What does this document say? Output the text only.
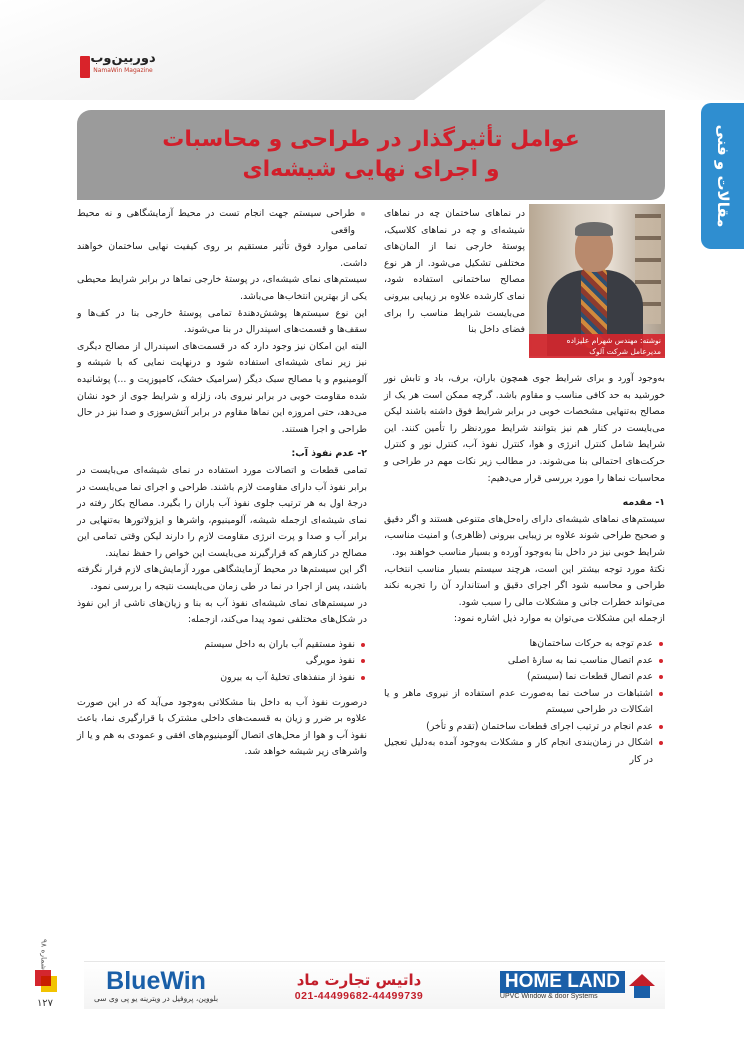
دوربین‌وب‌
NamaWin Magazine
مقالات و فنی
عوامل تأثیرگذار در طراحی و محاسبات
و اجرای نهایی شیشه‌ای
نوشته: مهندس شهرام علیزاده
مدیرعامل شرکت آلوک

در نماهای ساختمان چه در نماهای شیشه‌ای و چه در نماهای کلاسیک، پوستهٔ خارجی نما از المان‌های مختلفی تشکیل می‌شود. از هر نوع مصالح ساختمانی استفاده شود، نمای کارشده علاوه بر زیبایی بیرونی می‌بایست شرایط مناسب را برای فضای داخل بنا

به‌وجود آورد و برای شرایط جوی همچون باران، برف، باد و تابش نور خورشید به حد کافی مناسب و مقاوم باشد. گرچه ممکن است هر یک از مصالح به‌تنهایی مشخصات خوبی در برابر شرایط فوق داشته باشند لیکن می‌بایست در کنار هم نیز بتوانند شرایط موردنظر را تأمین کنند. این شرایط شامل کنترل انرژی و هوا، کنترل نفوذ آب، کنترل نور و کنترل حرکت‌های احتمالی بنا می‌شوند. در مطالب زیر نکات مهم در طراحی و محاسبات نماها را مورد بررسی قرار می‌دهیم:

۱- مقدمه

سیستم‌های نماهای شیشه‌ای دارای راه‌حل‌های متنوعی هستند و اگر دقیق و صحیح طراحی شوند علاوه بر زیبایی بیرونی (ظاهری) و امنیت مناسب، شرایط خوبی نیز در داخل بنا به‌وجود آورده و بسیار مناسب خواهند بود.

نکتهٔ مورد توجه بیشتر این است، هرچند سیستم بسیار مناسب انتخاب، طراحی و محاسبه شود اگر اجرای دقیق و استاندارد آن را تجربه نکند می‌تواند خطرات جانی و مشکلات مالی را سبب شود.

ازجمله این مشکلات می‌توان به موارد ذیل اشاره نمود:

عدم توجه به حرکات ساختمان‌ها
عدم اتصال مناسب نما به سازهٔ اصلی
عدم اتصال قطعات نما (سیستم)
اشتباهات در ساخت نما به‌صورت عدم استفاده از نیروی ماهر و یا اشکالات در طراحی سیستم
عدم انجام در ترتیب اجرای قطعات ساختمان (تقدم و تأخر)
اشکال در زمان‌بندی انجام کار و مشکلات به‌وجود آمده به‌دلیل تعجیل در کار
طراحی سیستم جهت انجام تست در محیط آزمایشگاهی و نه محیط واقعی

تمامی موارد فوق تأثیر مستقیم بر روی کیفیت نهایی ساختمان خواهند داشت.

سیستم‌های نمای شیشه‌ای، در پوستهٔ خارجی نماها در برابر شرایط محیطی یکی از بهترین انتخاب‌ها می‌باشد.

این نوع سیستم‌ها پوشش‌دهندهٔ تمامی پوستهٔ خارجی بنا در کف‌ها و سقف‌ها و قسمت‌های اسپندرال در بنا می‌شوند.

البته این امکان نیز وجود دارد که در قسمت‌های اسپندرال از مصالح دیگری نیز زیر نمای شیشه‌ای استفاده شود و درنهایت نمایی که با شیشه و آلومینیوم و یا مصالح سبک دیگر (سرامیک خشک، کامپوزیت و ...) پوشانیده شده مقاومت خوبی در برابر نیروی باد، زلزله و شرایط جوی از خود نشان می‌دهد، حتی امروزه این نماها مقاوم در برابر آتش‌سوزی و صدا نیز در حال طراحی و اجرا هستند.

۲- عدم نفوذ آب:

تمامی قطعات و اتصالات مورد استفاده در نمای شیشه‌ای می‌بایست در برابر نفوذ آب دارای مقاومت لازم باشند. طراحی و اجرای نما می‌بایست در درجهٔ اول به هر ترتیب جلوی نفوذ آب باران را بگیرد. مصالح بکار رفته در نمای شیشه‌ای ازجمله شیشه، آلومینیوم، واشرها و ایزولاتورها به‌تنهایی در برابر آب و صدا و پرت انرژی مقاومت لازم را دارند لیکن وقتی تمامی این مصالح در کنارهم که قرارگیرند می‌بایست این خواص را حفظ نمایند.

اگر این سیستم‌ها در محیط آزمایشگاهی مورد آزمایش‌های لازم قرار نگرفته باشند، پس از اجرا در نما در طی زمان می‌بایست نتیجه را بررسی نمود.

در سیستم‌های نمای شیشه‌ای نفوذ آب به بنا و زیان‌های ناشی از این نفوذ در شکل‌های مختلفی نمود پیدا می‌کند، ازجمله:

نفوذ مستقیم آب باران به داخل سیستم
نفوذ مویرگی
نفوذ از منفذهای تخلیهٔ آب به بیرون

درصورت نفوذ آب به داخل بنا مشکلاتی به‌وجود می‌آید که در این صورت علاوه بر ضرر و زیان به قسمت‌های داخلی مشترک با قرارگیری نما، باعث نفوذ آب و هوا از محل‌های اتصال آلومینیوم‌های افقی و عمودی به هم و یا از واشرهای زیر شیشه خواهد شد.

BlueWin
بلووین، پروفیل در ویترینه یو پی وی سی
داتیس تجارت ماد
021-44499682-44499739
HOME LAND
UPVC Window & door Systems
شماره ۹۸
۱۲۷
